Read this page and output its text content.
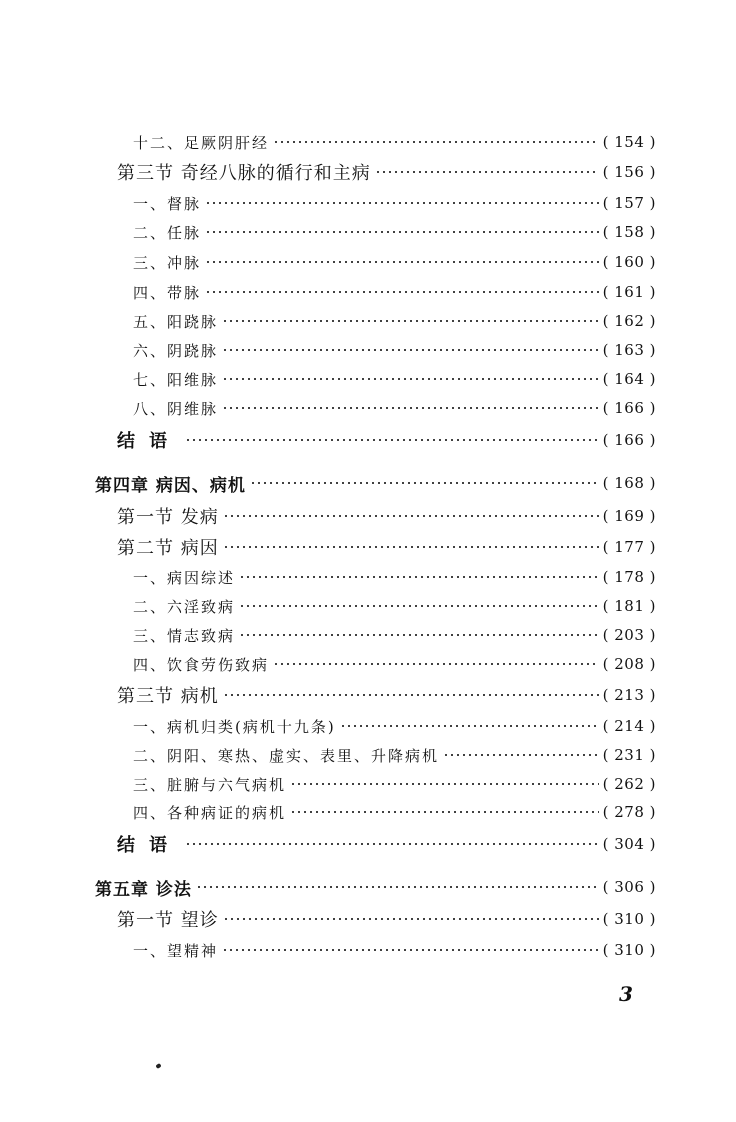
十二、足厥阴肝经	( 154 )
第三节 奇经八脉的循行和主病	( 156 )
一、督脉	( 157 )
二、任脉	( 158 )
三、冲脉	( 160 )
四、带脉	( 161 )
五、阳跷脉	( 162 )
六、阴跷脉	( 163 )
七、阳维脉	( 164 )
八、阴维脉	( 166 )
结语	( 166 )
第四章 病因、病机	( 168 )
第一节 发病	( 169 )
第二节 病因	( 177 )
一、病因综述	( 178 )
二、六淫致病	( 181 )
三、情志致病	( 203 )
四、饮食劳伤致病	( 208 )
第三节 病机	( 213 )
一、病机归类(病机十九条)	( 214 )
二、阴阳、寒热、虚实、表里、升降病机	( 231 )
三、脏腑与六气病机	( 262 )
四、各种病证的病机	( 278 )
结语	( 304 )
第五章 诊法	( 306 )
第一节 望诊	( 310 )
一、望精神	( 310 )
3
